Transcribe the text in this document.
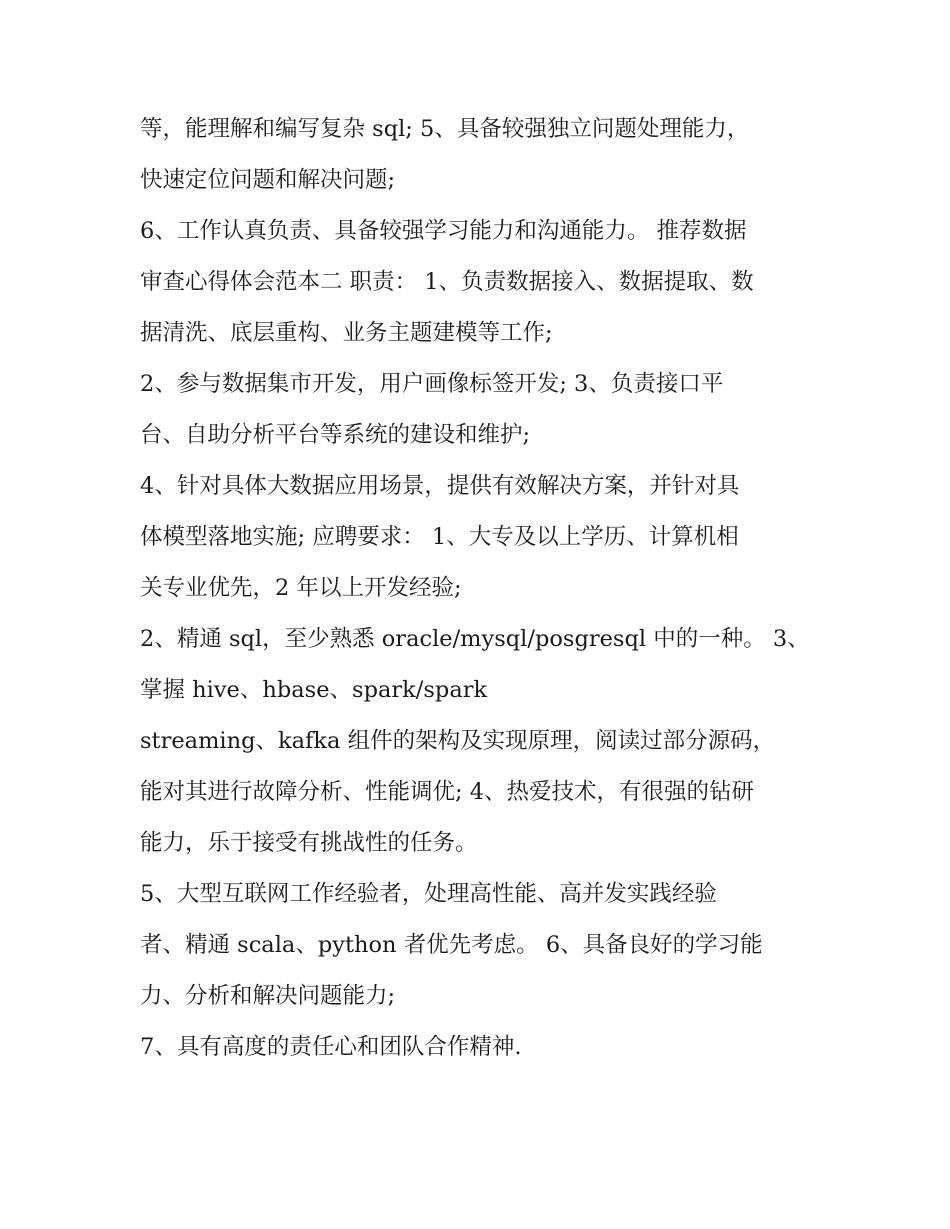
等，能理解和编写复杂 sql; 5、具备较强独立问题处理能力，
快速定位问题和解决问题;
6、工作认真负责、具备较强学习能力和沟通能力。 推荐数据
审查心得体会范本二 职责： 1、负责数据接入、数据提取、数
据清洗、底层重构、业务主题建模等工作;
2、参与数据集市开发，用户画像标签开发; 3、负责接口平
台、自助分析平台等系统的建设和维护;
4、针对具体大数据应用场景，提供有效解决方案，并针对具
体模型落地实施; 应聘要求： 1、大专及以上学历、计算机相
关专业优先，2 年以上开发经验;
2、精通 sql，至少熟悉 oracle/mysql/posgresql 中的一种。 3、
掌握 hive、hbase、spark/spark
streaming、kafka 组件的架构及实现原理，阅读过部分源码，
能对其进行故障分析、性能调优; 4、热爱技术，有很强的钻研
能力，乐于接受有挑战性的任务。
5、大型互联网工作经验者，处理高性能、高并发实践经验
者、精通 scala、python 者优先考虑。 6、具备良好的学习能
力、分析和解决问题能力;
7、具有高度的责任心和团队合作精神.
